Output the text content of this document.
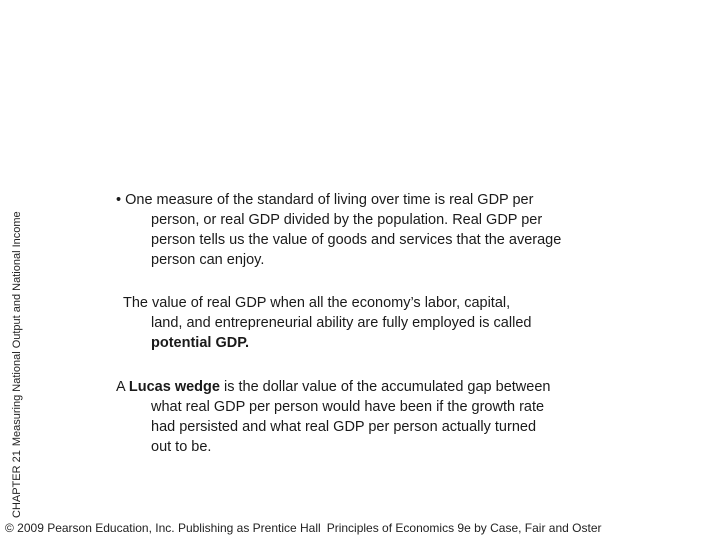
CHAPTER 21Measuring National Output and National Income
• One measure of the standard of living over time is real GDP per
person, or real GDP divided by the population. Real GDP per
person tells us the value of goods and services that the average
person can enjoy.
The value of real GDP when all the economy’s labor, capital,
land, and entrepreneurial ability are fully employed is called
potential GDP.
A Lucas wedge is the dollar value of the accumulated gap between
what real GDP per person would have been if the growth rate
had persisted and what real GDP per person actually turned
out to be.
© 2009 Pearson Education, Inc. Publishing as Prentice Hall Principles of Economics 9e by Case, Fair and Oster
